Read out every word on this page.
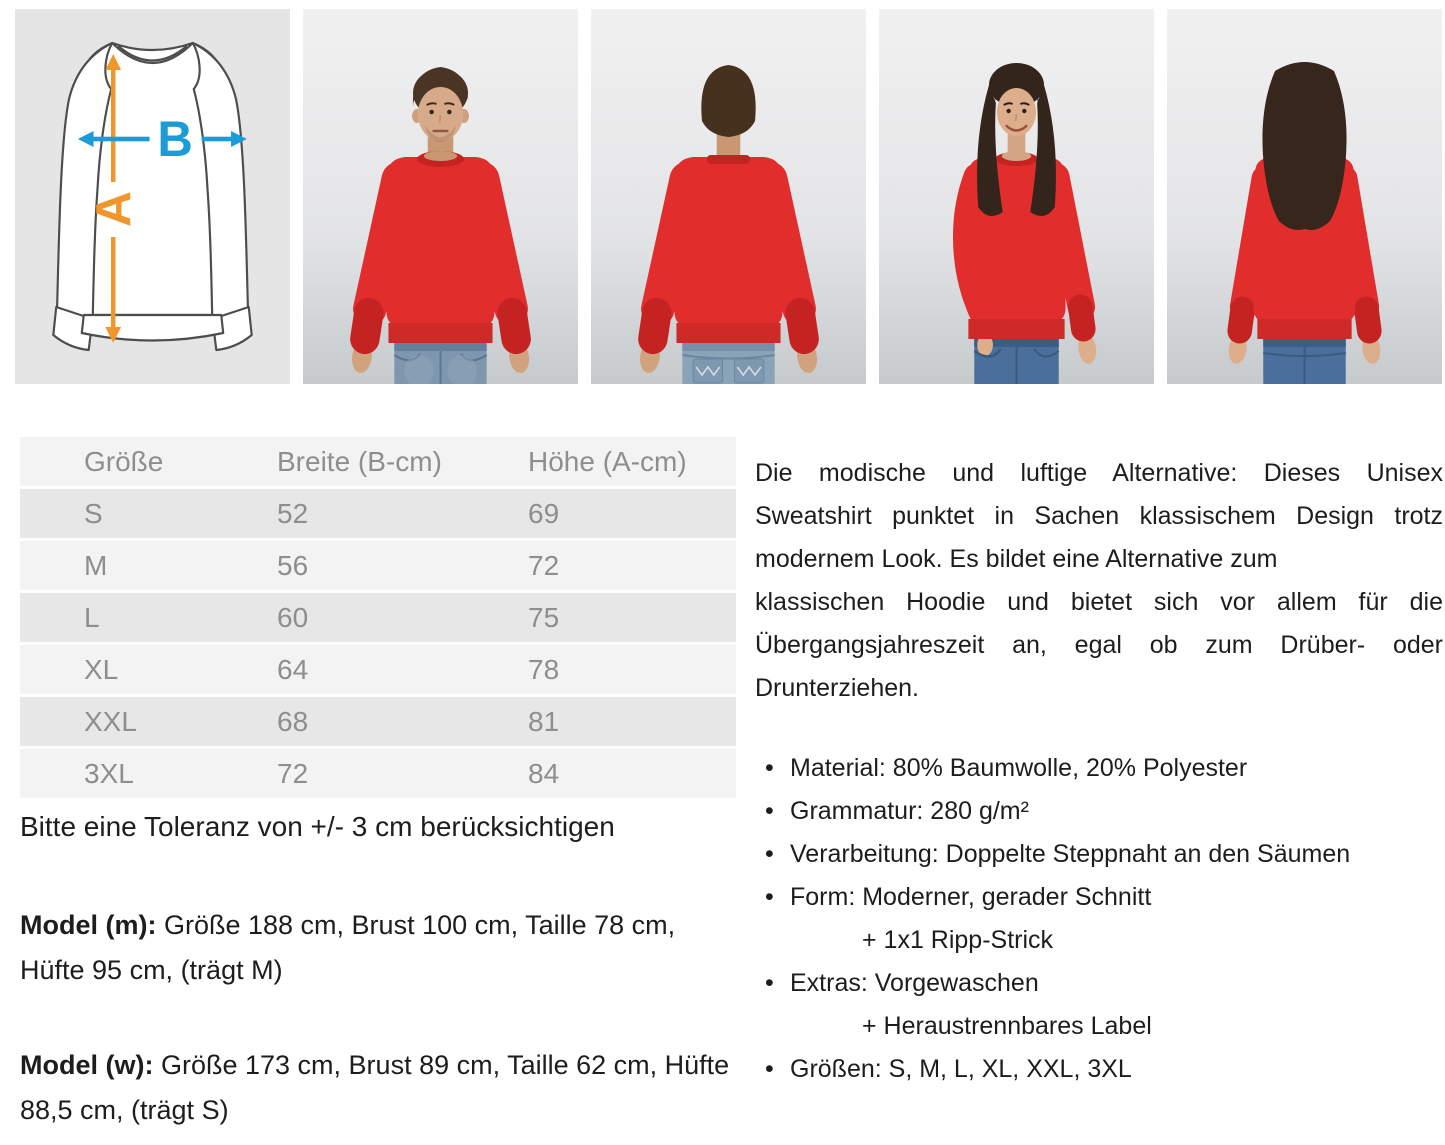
A
B
Größe	Breite (B-cm)	Höhe (A-cm)
S	52	69
M	56	72
L	60	75
XL	64	78
XXL	68	81
3XL	72	84
Bitte eine Toleranz von +/- 3 cm berücksichtigen
Model (m): Größe 188 cm, Brust 100 cm, Taille 78 cm, Hüfte 95 cm, (trägt M)
Model (w): Größe 173 cm, Brust 89 cm, Taille 62 cm, Hüfte 88,5 cm, (trägt S)
Die modische und luftige Alternative: Dieses Unisex
Sweatshirt punktet in Sachen klassischem Design trotz
modernem Look. Es bildet eine Alternative zum
klassischen Hoodie und bietet sich vor allem für die
Übergangsjahreszeit an, egal ob zum Drüber- oder
Drunterziehen.
• Material: 80% Baumwolle, 20% Polyester
• Grammatur: 280 g/m²
• Verarbeitung: Doppelte Steppnaht an den Säumen
• Form: Moderner, gerader Schnitt
+ 1x1 Ripp-Strick
• Extras: Vorgewaschen
+ Heraustrennbares Label
• Größen: S, M, L, XL, XXL, 3XL
